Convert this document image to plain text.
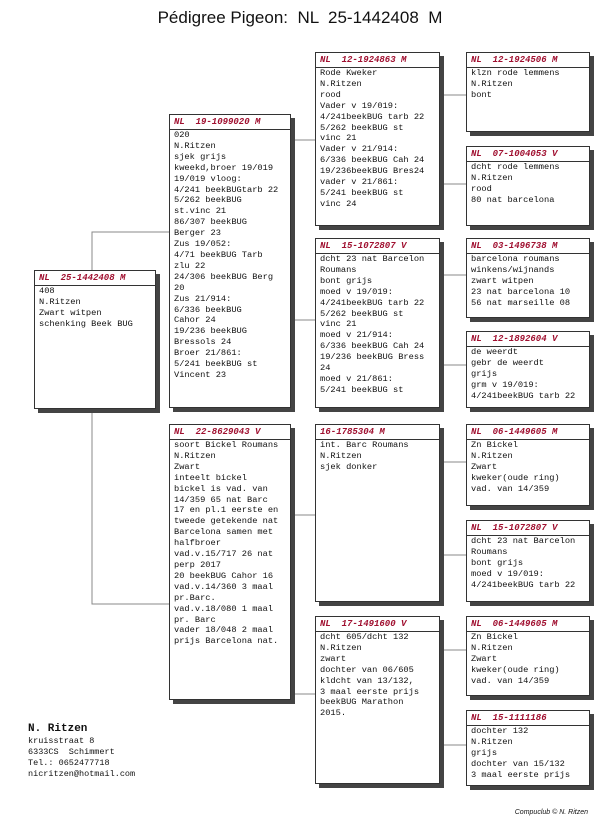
Pédigree Pigeon:  NL  25-1442408  M
NL  25-1442408 M
408
N.Ritzen
Zwart witpen
schenking Beek BUG
NL  19-1099020 M
020
N.Ritzen
sjek grijs
kweekd,broer 19/019
19/019 vloog:
4/241 beekBUGtarb 22
5/262 beekBUG
st.vinc 21
86/307 beekBUG
Berger 23
Zus 19/052:
4/71 beekBUG Tarb
zlu 22
24/306 beekBUG Berg
20
Zus 21/914:
6/336 beekBUG
Cahor 24
19/236 beekBUG
Bressols 24
Broer 21/861:
5/241 beekBUG st
Vincent 23
NL  22-8629043 V
soort Bickel Roumans
N.Ritzen
Zwart
inteelt bickel
bickel is vad. van
14/359 65 nat Barc
17 en pl.1 eerste en
tweede getekende nat
Barcelona samen met
halfbroer
vad.v.15/717 26 nat
perp 2017
20 beekBUG Cahor 16
vad.v.14/360 3 maal
pr.Barc.
vad.v.18/080 1 maal
pr. Barc
vader 18/048 2 maal
prijs Barcelona nat.
NL  12-1924863 M
Rode Kweker
N.Ritzen
rood
Vader v 19/019:
4/241beekBUG tarb 22
5/262 beekBUG st
vinc 21
Vader v 21/914:
6/336 beekBUG Cah 24
19/236beekBUG Bres24
vader v 21/861:
5/241 beekBUG st
vinc 24
NL  15-1072807 V
dcht 23 nat Barcelon
Roumans
bont grijs
moed v 19/019:
4/241beekBUG tarb 22
5/262 beekBUG st
vinc 21
moed v 21/914:
6/336 beekBUG Cah 24
19/236 beekBUG Bress
24
moed v 21/861:
5/241 beekBUG st
16-1785304 M
int. Barc Roumans
N.Ritzen
sjek donker
NL  17-1491600 V
dcht 605/dcht 132
N.Ritzen
zwart
dochter van 06/605
kldcht van 13/132,
3 maal eerste prijs
beekBUG Marathon
2015.
NL  12-1924506 M
klzn rode lemmens
N.Ritzen
bont
NL  07-1004053 V
dcht rode lemmens
N.Ritzen
rood
80 nat barcelona
NL  03-1496738 M
barcelona roumans
winkens/wijnands
zwart witpen
23 nat barcelona 10
56 nat marseille 08
NL  12-1892604 V
de weerdt
gebr de weerdt
grijs
grm v 19/019:
4/241beekBUG tarb 22
NL  06-1449605 M
Zn Bickel
N.Ritzen
Zwart
kweker(oude ring)
vad. van 14/359
NL  15-1072807 V
dcht 23 nat Barcelon
Roumans
bont grijs
moed v 19/019:
4/241beekBUG tarb 22
NL  06-1449605 M
Zn Bickel
N.Ritzen
Zwart
kweker(oude ring)
vad. van 14/359
NL  15-1111186
dochter 132
N.Ritzen
grijs
dochter van 15/132
3 maal eerste prijs
N. Ritzen
kruisstraat 8
6333CS  Schimmert
Tel.: 0652477718
nicritzen@hotmail.com
Compuclub © N. Ritzen
